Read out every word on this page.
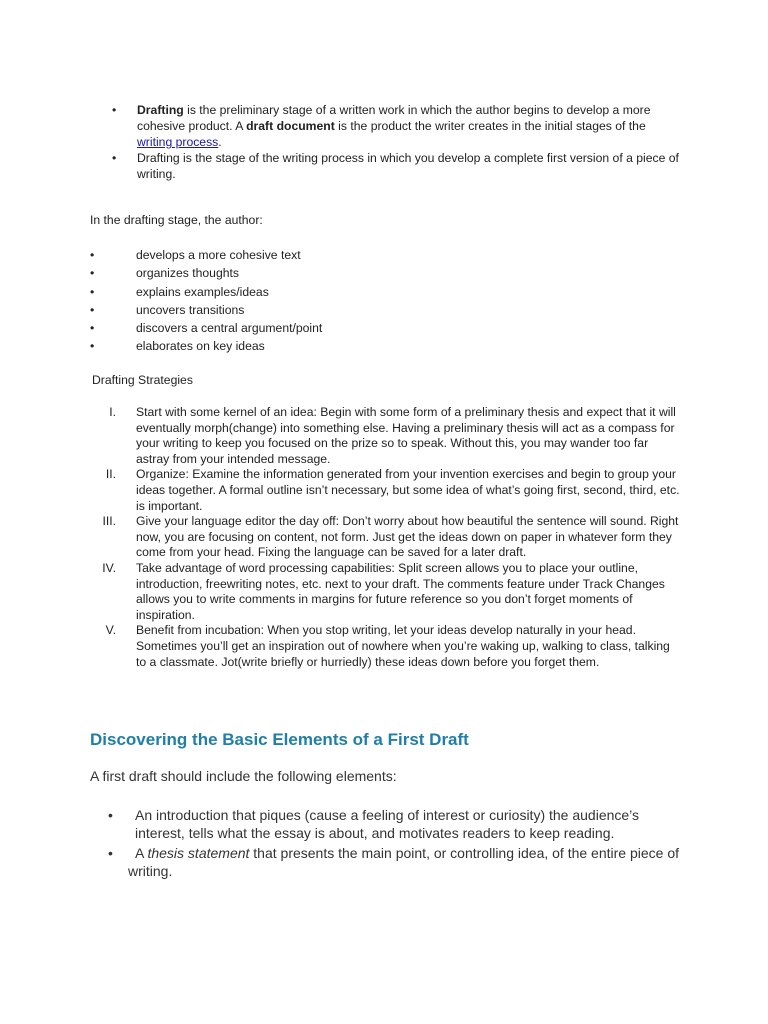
• Drafting is the preliminary stage of a written work in which the author begins to develop a more cohesive product. A draft document is the product the writer creates in the initial stages of the writing process.
• Drafting is the stage of the writing process in which you develop a complete first version of a piece of writing.
In the drafting stage, the author:
•	develops a more cohesive text
•	organizes thoughts
•	explains examples/ideas
•	uncovers transitions
•	discovers a central argument/point
•	elaborates on key ideas
Drafting Strategies
I. Start with some kernel of an idea: Begin with some form of a preliminary thesis and expect that it will eventually morph(change) into something else. Having a preliminary thesis will act as a compass for your writing to keep you focused on the prize so to speak. Without this, you may wander too far astray from your intended message.
II. Organize: Examine the information generated from your invention exercises and begin to group your ideas together. A formal outline isn’t necessary, but some idea of what’s going first, second, third, etc. is important.
III. Give your language editor the day off: Don’t worry about how beautiful the sentence will sound. Right now, you are focusing on content, not form. Just get the ideas down on paper in whatever form they come from your head. Fixing the language can be saved for a later draft.
IV. Take advantage of word processing capabilities: Split screen allows you to place your outline, introduction, freewriting notes, etc. next to your draft. The comments feature under Track Changes allows you to write comments in margins for future reference so you don’t forget moments of inspiration.
V. Benefit from incubation: When you stop writing, let your ideas develop naturally in your head. Sometimes you’ll get an inspiration out of nowhere when you’re waking up, walking to class, talking to a classmate. Jot(write briefly or hurriedly) these ideas down before you forget them.
Discovering the Basic Elements of a First Draft
A first draft should include the following elements:
• An introduction that piques (cause a feeling of interest or curiosity) the audience’s interest, tells what the essay is about, and motivates readers to keep reading.
• A thesis statement that presents the main point, or controlling idea, of the entire piece of writing.
